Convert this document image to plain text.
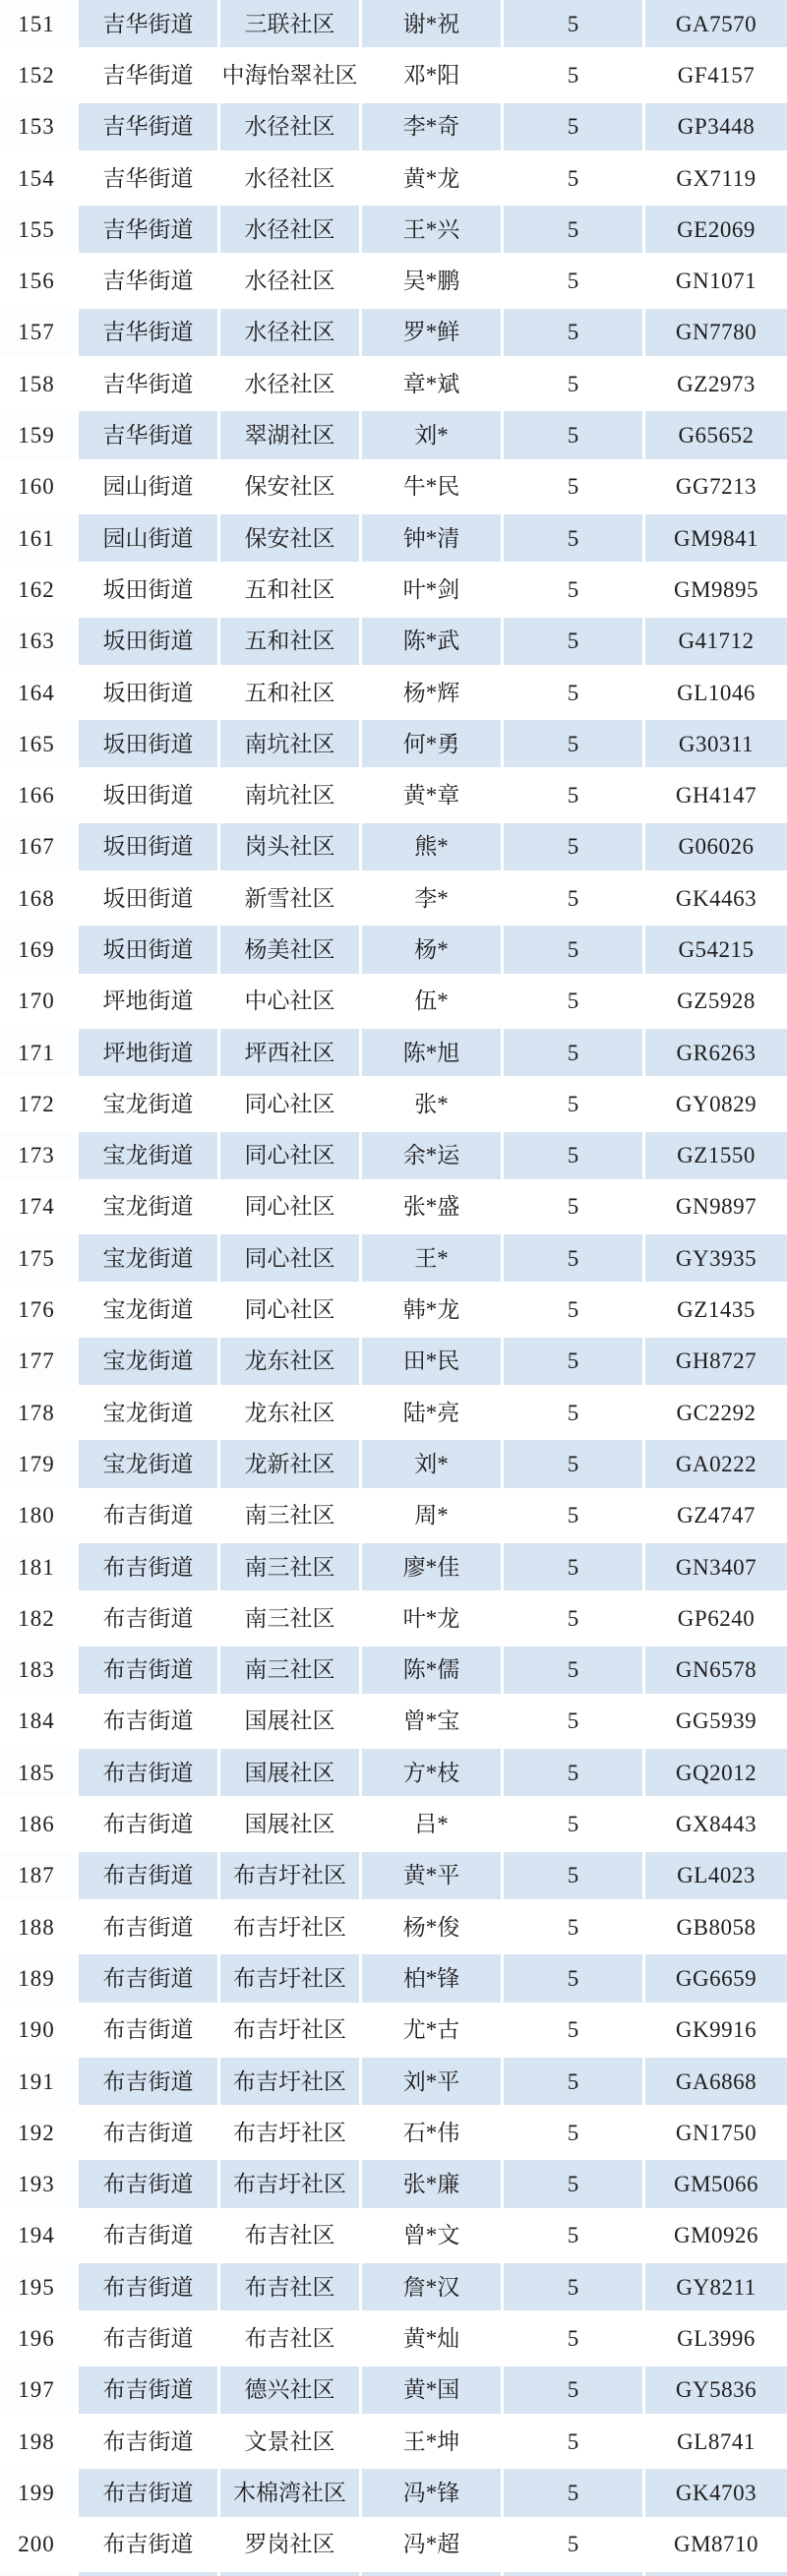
151	吉华街道	三联社区	谢*祝	5	GA7570
152	吉华街道	中海怡翠社区	邓*阳	5	GF4157
153	吉华街道	水径社区	李*奇	5	GP3448
154	吉华街道	水径社区	黄*龙	5	GX7119
155	吉华街道	水径社区	王*兴	5	GE2069
156	吉华街道	水径社区	吴*鹏	5	GN1071
157	吉华街道	水径社区	罗*鲜	5	GN7780
158	吉华街道	水径社区	章*斌	5	GZ2973
159	吉华街道	翠湖社区	刘*	5	G65652
160	园山街道	保安社区	牛*民	5	GG7213
161	园山街道	保安社区	钟*清	5	GM9841
162	坂田街道	五和社区	叶*剑	5	GM9895
163	坂田街道	五和社区	陈*武	5	G41712
164	坂田街道	五和社区	杨*辉	5	GL1046
165	坂田街道	南坑社区	何*勇	5	G30311
166	坂田街道	南坑社区	黄*章	5	GH4147
167	坂田街道	岗头社区	熊*	5	G06026
168	坂田街道	新雪社区	李*	5	GK4463
169	坂田街道	杨美社区	杨*	5	G54215
170	坪地街道	中心社区	伍*	5	GZ5928
171	坪地街道	坪西社区	陈*旭	5	GR6263
172	宝龙街道	同心社区	张*	5	GY0829
173	宝龙街道	同心社区	余*运	5	GZ1550
174	宝龙街道	同心社区	张*盛	5	GN9897
175	宝龙街道	同心社区	王*	5	GY3935
176	宝龙街道	同心社区	韩*龙	5	GZ1435
177	宝龙街道	龙东社区	田*民	5	GH8727
178	宝龙街道	龙东社区	陆*亮	5	GC2292
179	宝龙街道	龙新社区	刘*	5	GA0222
180	布吉街道	南三社区	周*	5	GZ4747
181	布吉街道	南三社区	廖*佳	5	GN3407
182	布吉街道	南三社区	叶*龙	5	GP6240
183	布吉街道	南三社区	陈*儒	5	GN6578
184	布吉街道	国展社区	曾*宝	5	GG5939
185	布吉街道	国展社区	方*枝	5	GQ2012
186	布吉街道	国展社区	吕*	5	GX8443
187	布吉街道	布吉圩社区	黄*平	5	GL4023
188	布吉街道	布吉圩社区	杨*俊	5	GB8058
189	布吉街道	布吉圩社区	柏*锋	5	GG6659
190	布吉街道	布吉圩社区	尤*古	5	GK9916
191	布吉街道	布吉圩社区	刘*平	5	GA6868
192	布吉街道	布吉圩社区	石*伟	5	GN1750
193	布吉街道	布吉圩社区	张*廉	5	GM5066
194	布吉街道	布吉社区	曾*文	5	GM0926
195	布吉街道	布吉社区	詹*汉	5	GY8211
196	布吉街道	布吉社区	黄*灿	5	GL3996
197	布吉街道	德兴社区	黄*国	5	GY5836
198	布吉街道	文景社区	王*坤	5	GL8741
199	布吉街道	木棉湾社区	冯*锋	5	GK4703
200	布吉街道	罗岗社区	冯*超	5	GM8710
